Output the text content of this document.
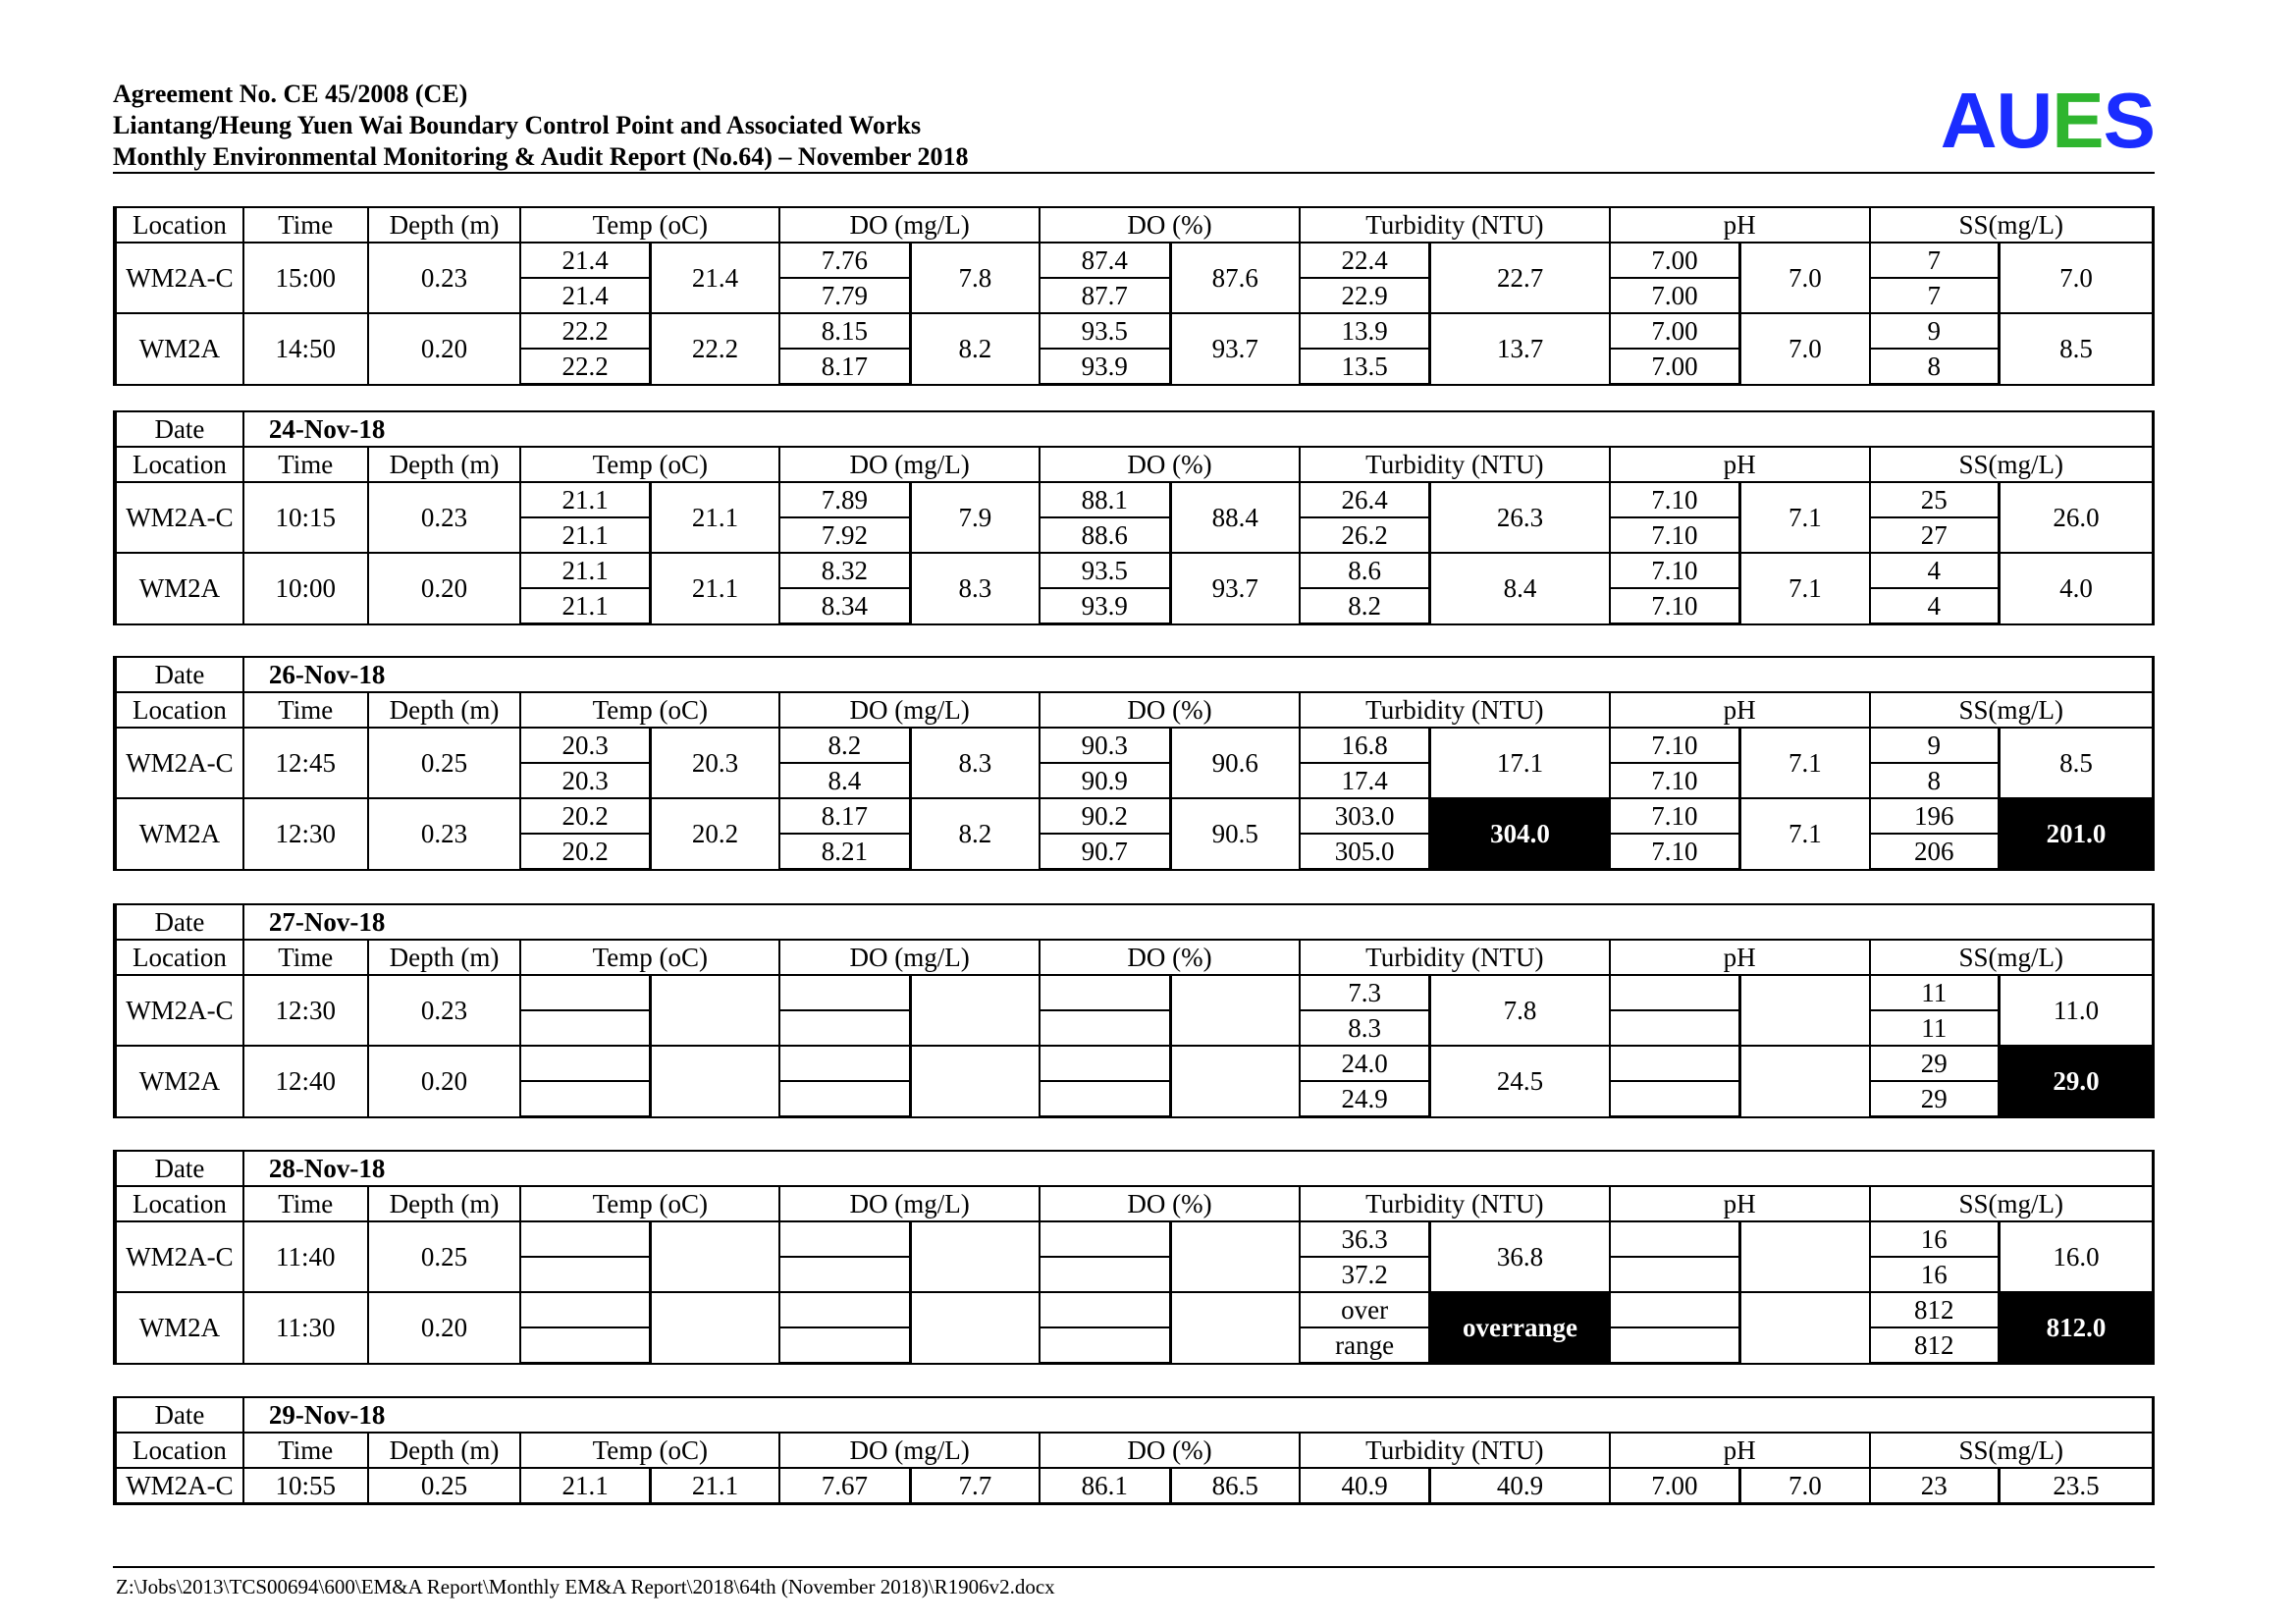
Agreement No. CE 45/2008 (CE)
Liantang/Heung Yuen Wai Boundary Control Point and Associated Works
Monthly Environmental Monitoring & Audit Report (No.64) – November 2018	AUES
Location	Time	Depth (m)	Temp (oC)		DO (mg/L)		DO (%)		Turbidity (NTU)		pH		SS(mg/L)	
WM2A-C	15:00	0.23	21.4	21.4	7.76	7.8	87.4	87.6	22.4	22.7	7.00	7.0	7	7.0
			21.4		7.79		87.7		22.9		7.00		7	
WM2A	14:50	0.20	22.2	22.2	8.15	8.2	93.5	93.7	13.9	13.7	7.00	7.0	9	8.5
			22.2		8.17		93.9		13.5		7.00		8	
Date	24-Nov-18													
Location	Time	Depth (m)	Temp (oC)		DO (mg/L)		DO (%)		Turbidity (NTU)		pH		SS(mg/L)	
WM2A-C	10:15	0.23	21.1	21.1	7.89	7.9	88.1	88.4	26.4	26.3	7.10	7.1	25	26.0
			21.1		7.92		88.6		26.2		7.10		27	
WM2A	10:00	0.20	21.1	21.1	8.32	8.3	93.5	93.7	8.6	8.4	7.10	7.1	4	4.0
			21.1		8.34		93.9		8.2		7.10		4	
Date	26-Nov-18													
Location	Time	Depth (m)	Temp (oC)		DO (mg/L)		DO (%)		Turbidity (NTU)		pH		SS(mg/L)	
WM2A-C	12:45	0.25	20.3	20.3	8.2	8.3	90.3	90.6	16.8	17.1	7.10	7.1	9	8.5
			20.3		8.4		90.9		17.4		7.10		8	
WM2A	12:30	0.23	20.2	20.2	8.17	8.2	90.2	90.5	303.0	304.0	7.10	7.1	196	201.0
			20.2		8.21		90.7		305.0		7.10		206	
Date	27-Nov-18													
Location	Time	Depth (m)	Temp (oC)		DO (mg/L)		DO (%)		Turbidity (NTU)		pH		SS(mg/L)	
WM2A-C	12:30	0.23							7.3	7.8			11	11.0
									8.3				11	
WM2A	12:40	0.20							24.0	24.5			29	29.0
									24.9				29	
Date	28-Nov-18													
Location	Time	Depth (m)	Temp (oC)		DO (mg/L)		DO (%)		Turbidity (NTU)		pH		SS(mg/L)	
WM2A-C	11:40	0.25							36.3	36.8			16	16.0
									37.2				16	
WM2A	11:30	0.20							over	overrange			812	812.0
									range				812	
Date	29-Nov-18													
Location	Time	Depth (m)	Temp (oC)		DO (mg/L)		DO (%)		Turbidity (NTU)		pH		SS(mg/L)	
WM2A-C	10:55	0.25	21.1	21.1	7.67	7.7	86.1	86.5	40.9	40.9	7.00	7.0	23	23.5
Z:\Jobs\2013\TCS00694\600\EM&A Report\Monthly EM&A Report\2018\64th (November 2018)\R1906v2.docx
